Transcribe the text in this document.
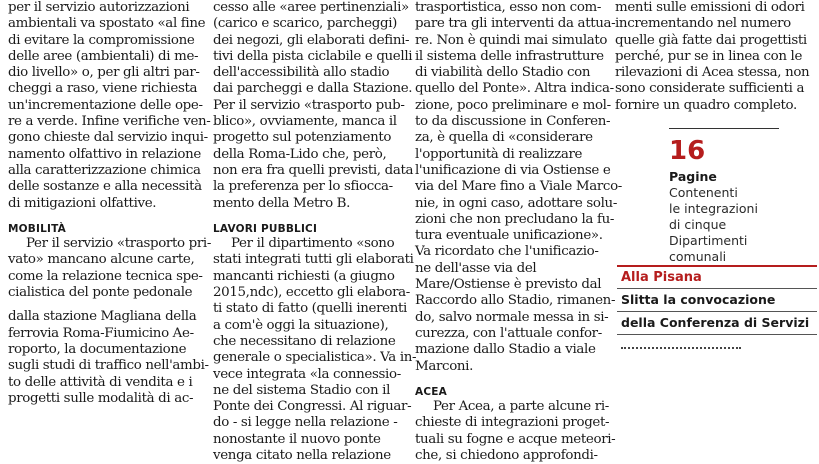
per il servizio autorizzazioni
ambientali va spostato «al fine
di evitare la compromissione
delle aree (ambientali) di me-
dio livello» o, per gli altri par-
cheggi a raso, viene richiesta
un'incrementazione delle ope-
re a verde. Infine verifiche ven-
gono chieste dal servizio inqui-
namento olfattivo in relazione
alla caratterizzazione chimica
delle sostanze e alla necessità
di mitigazioni olfattive.
MOBILITÀ
Per il servizio «trasporto pri-
vato» mancano alcune carte,
come la relazione tecnica spe-
cialistica del ponte pedonale
dalla stazione Magliana della
ferrovia Roma-Fiumicino Ae-
roporto, la documentazione
sugli studi di traffico nell'ambi-
to delle attività di vendita e i
progetti sulle modalità di ac-
cesso alle «aree pertinenziali»
(carico e scarico, parcheggi)
dei negozi, gli elaborati defini-
tivi della pista ciclabile e quelli
dell'accessibilità allo stadio
dai parcheggi e dalla Stazione.
Per il servizio «trasporto pub-
blico», ovviamente, manca il
progetto sul potenziamento
della Roma-Lido che, però,
non era fra quelli previsti, data
la preferenza per lo sfiocca-
mento della Metro B.
LAVORI PUBBLICI
Per il dipartimento «sono
stati integrati tutti gli elaborati
mancanti richiesti (a giugno
2015,ndc), eccetto gli elabora-
ti stato di fatto (quelli inerenti
a com'è oggi la situazione),
che necessitano di relazione
generale o specialistica». Va in-
vece integrata «la connessio-
ne del sistema Stadio con il
Ponte dei Congressi. Al riguar-
do - si legge nella relazione -
nonostante il nuovo ponte
venga citato nella relazione
trasportistica, esso non com-
pare tra gli interventi da attua-
re. Non è quindi mai simulato
il sistema delle infrastrutture
di viabilità dello Stadio con
quello del Ponte». Altra indica-
zione, poco preliminare e mol-
to da discussione in Conferen-
za, è quella di «considerare
l'opportunità di realizzare
l'unificazione di via Ostiense e
via del Mare fino a Viale Marco-
nie, in ogni caso, adottare solu-
zioni che non precludano la fu-
tura eventuale unificazione».
Va ricordato che l'unificazio-
ne dell'asse via del
Mare/Ostiense è previsto dal
Raccordo allo Stadio, rimanen-
do, salvo normale messa in si-
curezza, con l'attuale confor-
mazione dallo Stadio a viale
Marconi.
ACEA
Per Acea, a parte alcune ri-
chieste di integrazioni proget-
tuali su fogne e acque meteori-
che, si chiedono approfondi-
menti sulle emissioni di odori
incrementando nel numero
quelle già fatte dai progettisti
perché, pur se in linea con le
rilevazioni di Acea stessa, non
sono considerate sufficienti a
fornire un quadro completo.
16
Pagine
Contenenti
le integrazioni
di cinque
Dipartimenti
comunali
Alla Pisana
Slitta la convocazione
della Conferenza di Servizi
